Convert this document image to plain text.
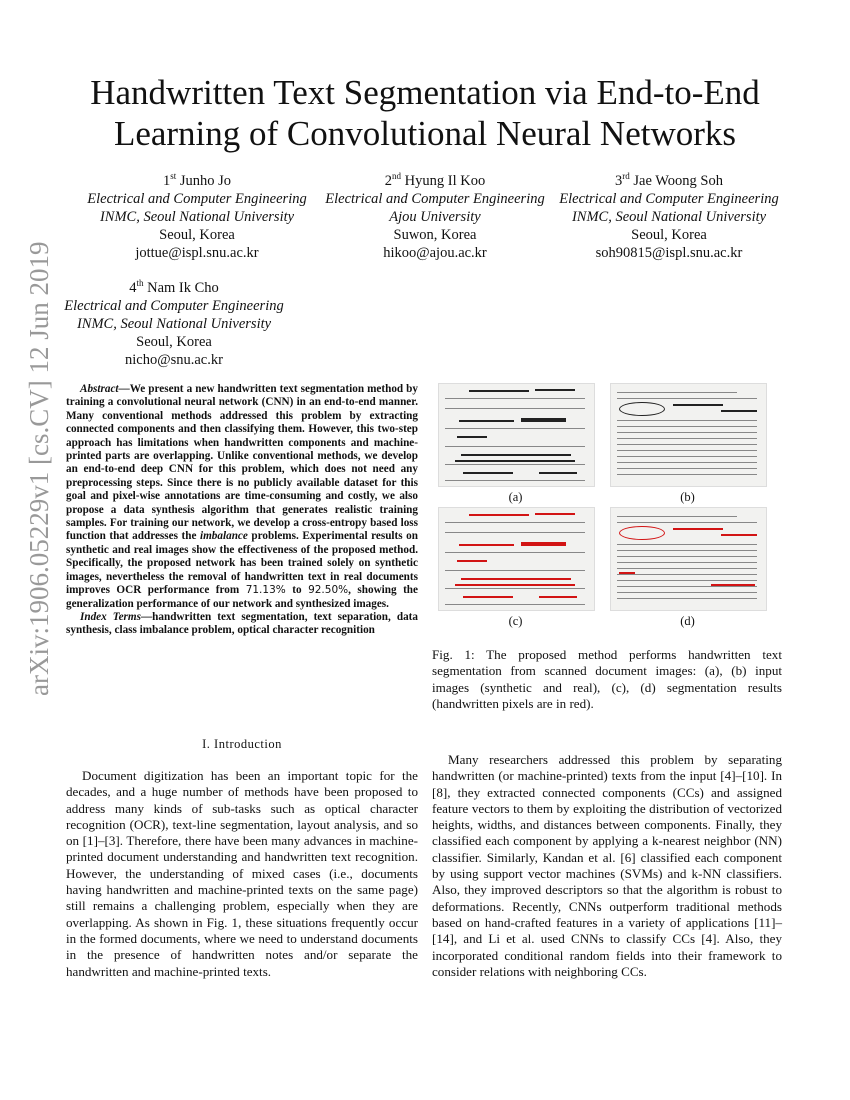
arXiv:1906.05229v1 [cs.CV] 12 Jun 2019
Handwritten Text Segmentation via End-to-End
Learning of Convolutional Neural Networks
1st Junho Jo
Electrical and Computer Engineering
INMC, Seoul National University
Seoul, Korea
jottue@ispl.snu.ac.kr
2nd Hyung Il Koo
Electrical and Computer Engineering
Ajou University
Suwon, Korea
hikoo@ajou.ac.kr
3rd Jae Woong Soh
Electrical and Computer Engineering
INMC, Seoul National University
Seoul, Korea
soh90815@ispl.snu.ac.kr
4th Nam Ik Cho
Electrical and Computer Engineering
INMC, Seoul National University
Seoul, Korea
nicho@snu.ac.kr

Abstract—We present a new handwritten text segmentation method by training a convolutional neural network (CNN) in an end-to-end manner. Many conventional methods addressed this problem by extracting connected components and then classifying them. However, this two-step approach has limitations when handwritten components and machine-printed parts are overlapping. Unlike conventional methods, we develop an end-to-end deep CNN for this problem, which does not need any preprocessing steps. Since there is no publicly available dataset for this goal and pixel-wise annotations are time-consuming and costly, we also propose a data synthesis algorithm that generates realistic training samples. For training our network, we develop a cross-entropy based loss function that addresses the imbalance problems. Experimental results on synthetic and real images show the effectiveness of the proposed method. Specifically, the proposed network has been trained solely on synthetic images, nevertheless the removal of handwritten text in real documents improves OCR performance from 71.13% to 92.50%, showing the generalization performance of our network and synthesized images.

Index Terms—handwritten text segmentation, text separation, data synthesis, class imbalance problem, optical character recognition

(a)	(b)
(c)	(d)
Fig. 1: The proposed method performs handwritten text segmentation from scanned document images: (a), (b) input images (synthetic and real), (c), (d) segmentation results (handwritten pixels are in red).
I. Introduction

Document digitization has been an important topic for the decades, and a huge number of methods have been proposed to address many kinds of sub-tasks such as optical character recognition (OCR), text-line segmentation, layout analysis, and so on [1]–[3]. Therefore, there have been many advances in machine-printed document understanding and handwritten text recognition. However, the understanding of mixed cases (i.e., documents having handwritten and machine-printed texts on the same page) still remains a challenging problem, especially when they are overlapping. As shown in Fig. 1, these situations frequently occur in the formed documents, where we need to understand documents in the presence of handwritten notes and/or separate the handwritten and machine-printed texts.

Many researchers addressed this problem by separating handwritten (or machine-printed) texts from the input [4]–[10]. In [8], they extracted connected components (CCs) and assigned feature vectors to them by exploiting the distribution of vectorized heights, widths, and distances between components. Finally, they classified each component by applying a k-nearest neighbor (NN) classifier. Similarly, Kandan et al. [6] classified each component by using support vector machines (SVMs) and k-NN classifiers. Also, they improved descriptors so that the algorithm is robust to deformations. Recently, CNNs outperform traditional methods based on hand-crafted features in a variety of applications [11]–[14], and Li et al. used CNNs to classify CCs [4]. Also, they incorporated conditional random fields into their framework to consider relations with neighboring CCs.
